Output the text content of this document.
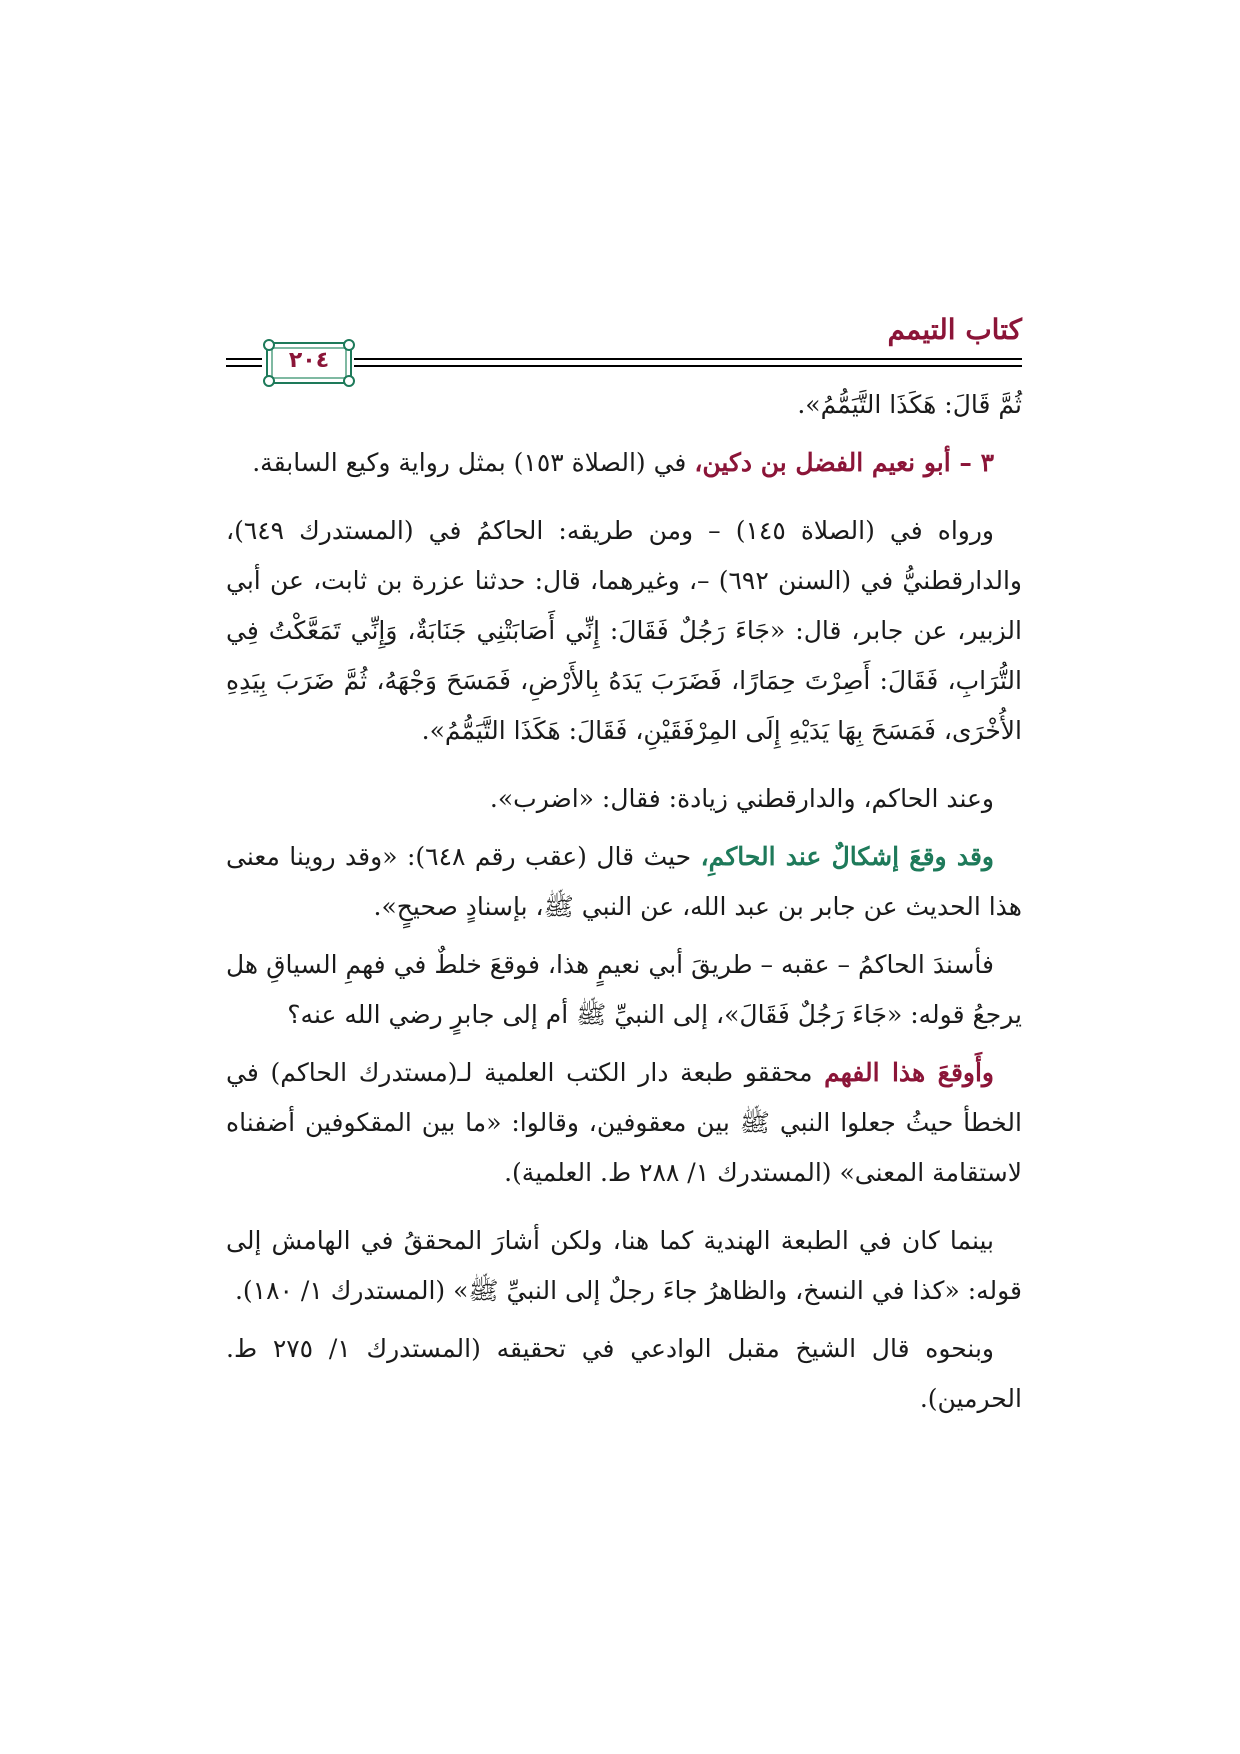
كتاب التيمم
٢٠٤

ثُمَّ قَالَ: هَكَذَا التَّيَمُّمُ».

٣ – أبو نعيم الفضل بن دكين، في (الصلاة ١٥٣) بمثل رواية وكيع السابقة.

ورواه في (الصلاة ١٤٥) – ومن طريقه: الحاكمُ في (المستدرك ٦٤٩)، والدارقطنيُّ في (السنن ٦٩٢) –، وغيرهما، قال: حدثنا عزرة بن ثابت، عن أبي الزبير، عن جابر، قال: «جَاءَ رَجُلٌ فَقَالَ: إِنِّي أَصَابَتْنِي جَنَابَةٌ، وَإِنِّي تَمَعَّكْتُ فِي التُّرَابِ، فَقَالَ: أَصِرْتَ حِمَارًا، فَضَرَبَ يَدَهُ بِالأَرْضِ، فَمَسَحَ وَجْهَهُ، ثُمَّ ضَرَبَ بِيَدِهِ الأُخْرَى، فَمَسَحَ بِهَا يَدَيْهِ إِلَى المِرْفَقَيْنِ، فَقَالَ: هَكَذَا التَّيَمُّمُ».

وعند الحاكم، والدارقطني زيادة: فقال: «اضرب».

وقد وقعَ إشكالٌ عند الحاكمِ، حيث قال (عقب رقم ٦٤٨): «وقد روينا معنى هذا الحديث عن جابر بن عبد الله، عن النبي ﷺ، بإسنادٍ صحيحٍ».

فأسندَ الحاكمُ – عقبه – طريقَ أبي نعيمٍ هذا، فوقعَ خلطٌ في فهمِ السياقِ هل يرجعُ قوله: «جَاءَ رَجُلٌ فَقَالَ»، إلى النبيِّ ﷺ أم إلى جابرٍ رضي الله عنه؟

وأَوقعَ هذا الفهم محققو طبعة دار الكتب العلمية لـ(مستدرك الحاكم) في الخطأ حيثُ جعلوا النبي ﷺ بين معقوفين، وقالوا: «ما بين المقكوفين أضفناه لاستقامة المعنى» (المستدرك ١/ ٢٨٨ ط. العلمية).

بينما كان في الطبعة الهندية كما هنا، ولكن أشارَ المحققُ في الهامش إلى قوله: «كذا في النسخ، والظاهرُ جاءَ رجلٌ إلى النبيِّ ﷺ» (المستدرك ١/ ١٨٠).

وبنحوه قال الشيخ مقبل الوادعي في تحقيقه (المستدرك ١/ ٢٧٥ ط. الحرمين).
